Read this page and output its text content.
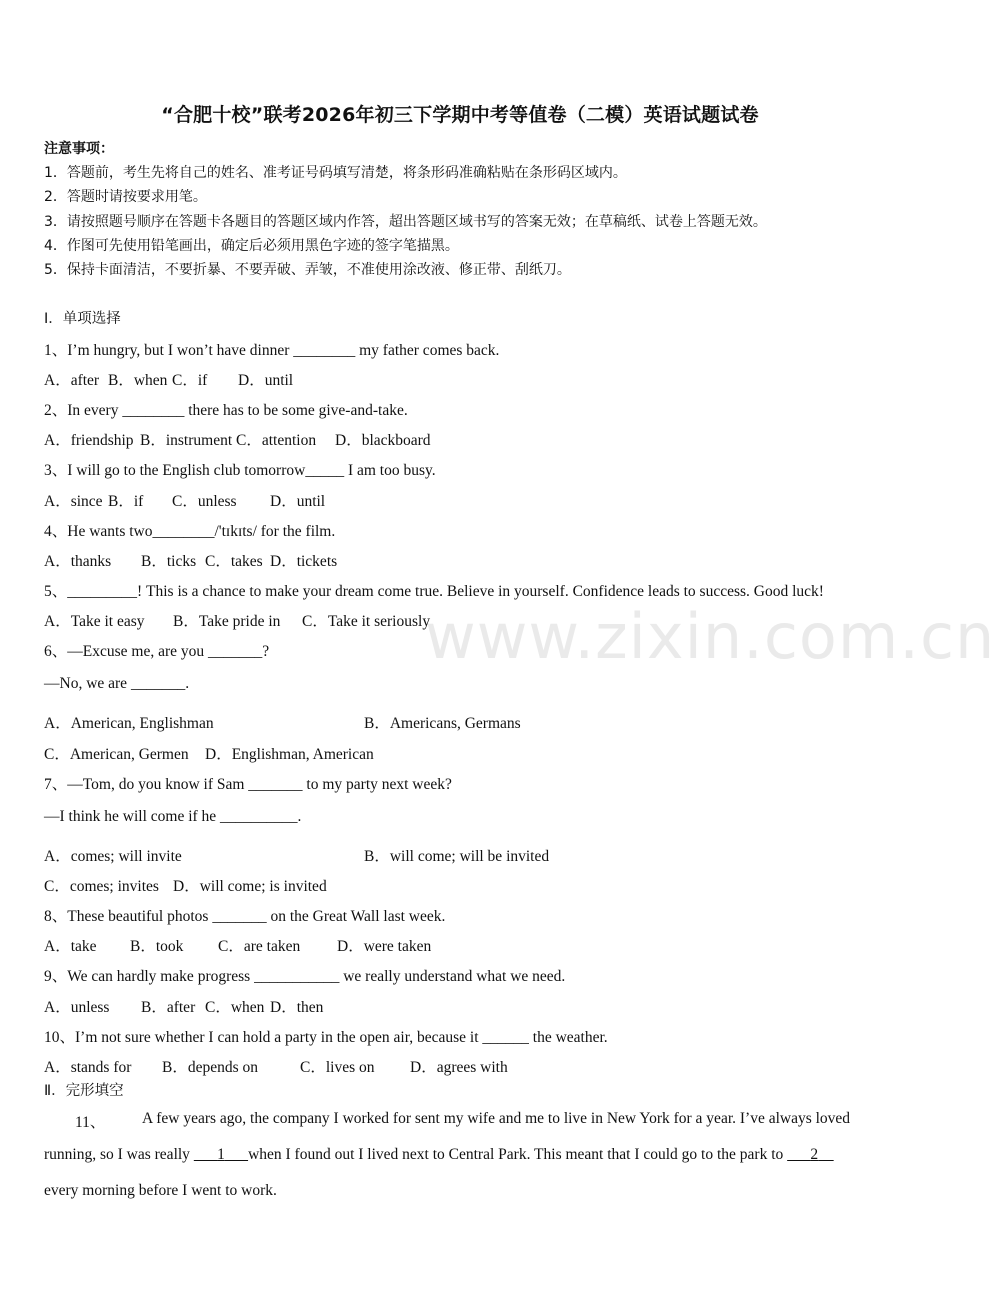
“合肥十校”联考2026年初三下学期中考等值卷（二模）英语试题试卷
注意事项：
1．答题前，考生先将自己的姓名、准考证号码填写清楚，将条形码准确粘贴在条形码区域内。
2．答题时请按要求用笔。
3．请按照题号顺序在答题卡各题目的答题区域内作答，超出答题区域书写的答案无效；在草稿纸、试卷上答题无效。
4．作图可先使用铅笔画出，确定后必须用黑色字迹的签字笔描黑。
5．保持卡面清洁，不要折暴、不要弄破、弄皱，不准使用涂改液、修正带、刮纸刀。
Ⅰ．单项选择
1、I’m hungry, but I won’t have dinner ________ my father comes back.
A．after B．when C．if D．until
2、In every ________ there has to be some give-and-take.
A．friendship B．instrument C．attention D．blackboard
3、I will go to the English club tomorrow_____ I am too busy.
A．since B．if C．unless D．until
4、He wants two________/'tɪkɪts/ for the film.
A．thanks B．ticks C．takes D．tickets
5、_________! This is a chance to make your dream come true. Believe in yourself. Confidence leads to success. Good luck!
A．Take it easy B．Take pride in C．Take it seriously
6、—Excuse me, are you _______?
—No, we are _______.
A．American, Englishman	B．Americans, Germans
C．American, Germen D．Englishman, American
7、—Tom, do you know if Sam _______ to my party next week?
—I think he will come if he __________.
A．comes; will invite	B．will come; will be invited
C．comes; invites D．will come; is invited
8、These beautiful photos _______ on the Great Wall last week.
A．take B．took C．are taken D．were taken
9、We can hardly make progress ___________ we really understand what we need.
A．unless B．after C．when D．then
10、I’m not sure whether I can hold a party in the open air, because it ______ the weather.
A．stands for B．depends on	C．lives on D．agrees with
Ⅱ．完形填空
11、 A few years ago, the company I worked for sent my wife and me to live in New York for a year. I’ve always loved
running, so I was really       1 when I found out I lived next to Central Park. This meant that I could go to the park to       2
every morning before I went to work.
www.zixin.com.cn
